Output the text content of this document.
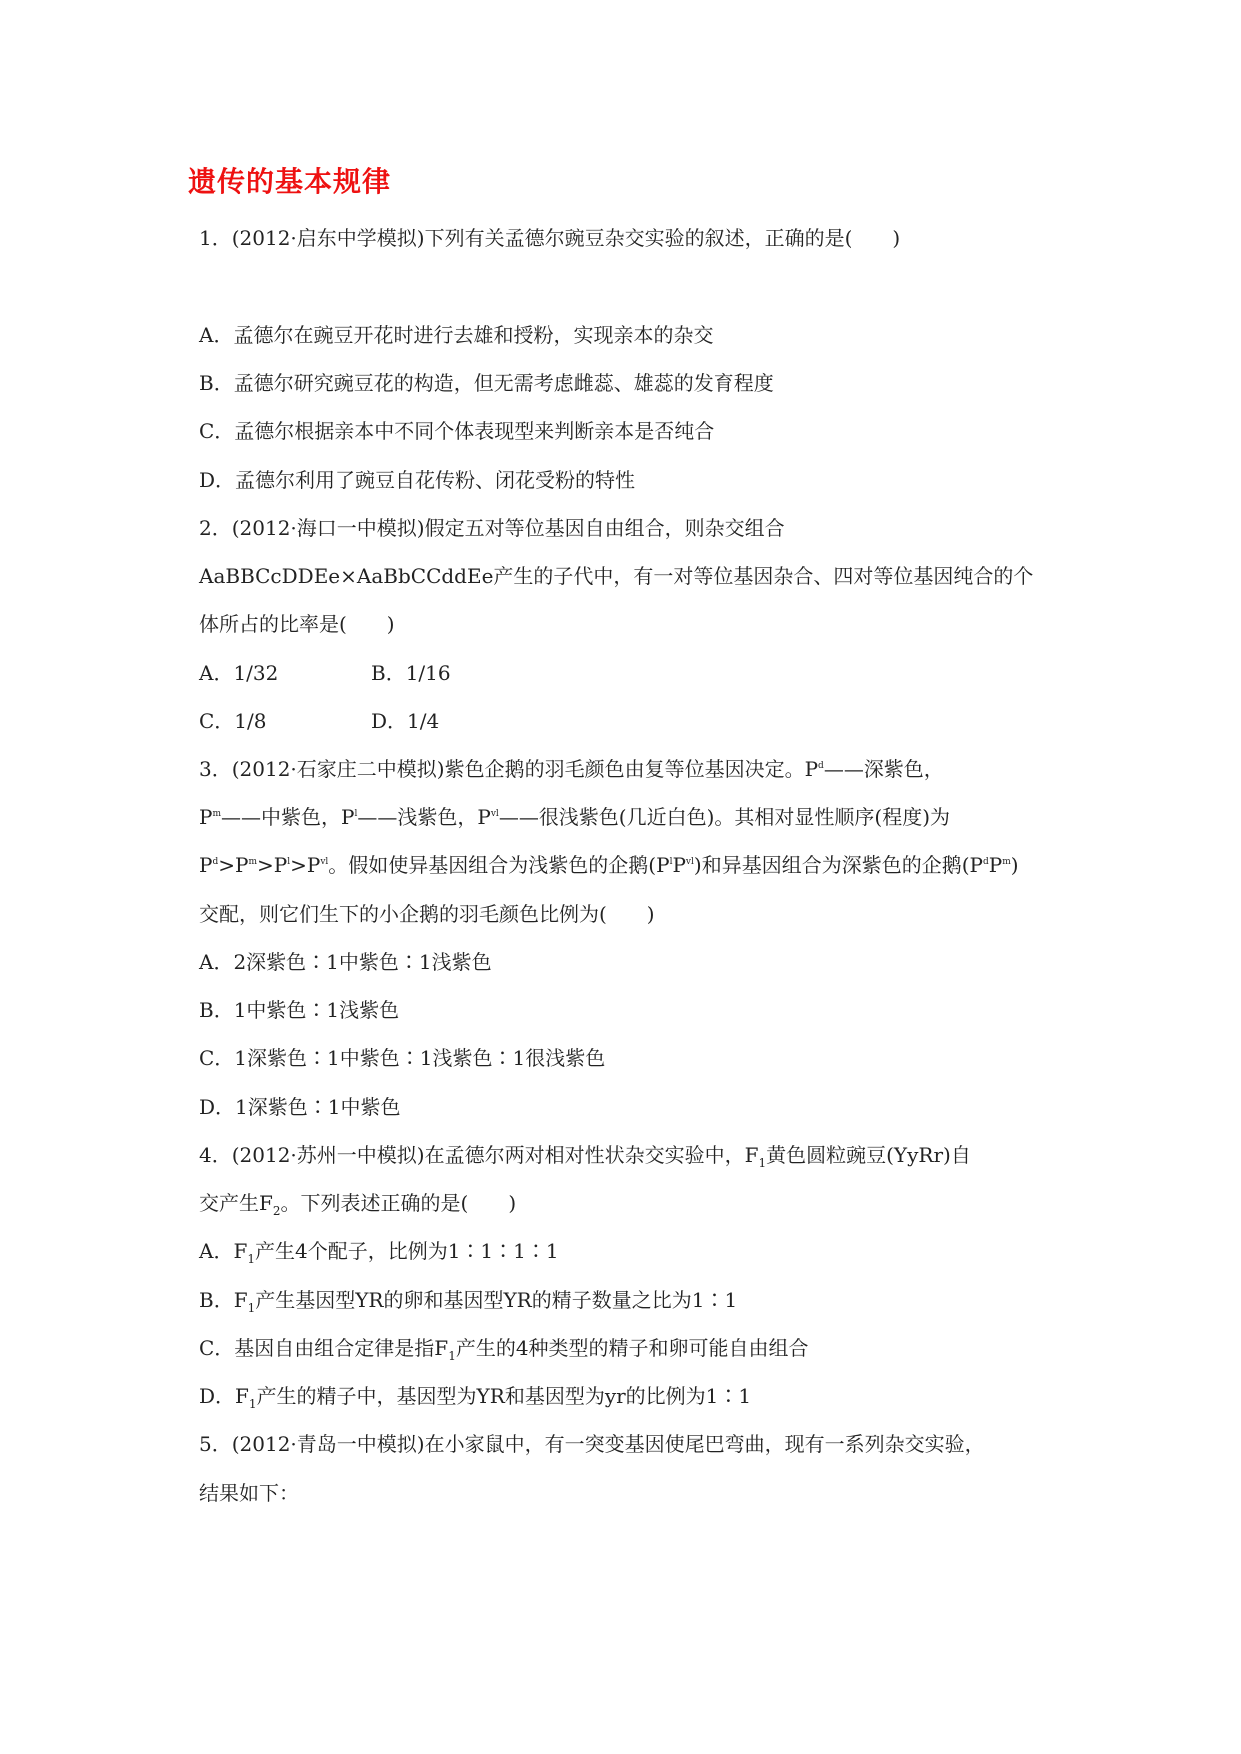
遗传的基本规律
1．(2012·启东中学模拟)下列有关孟德尔豌豆杂交实验的叙述，正确的是(　　)
A．孟德尔在豌豆开花时进行去雄和授粉，实现亲本的杂交
B．孟德尔研究豌豆花的构造，但无需考虑雌蕊、雄蕊的发育程度
C．孟德尔根据亲本中不同个体表现型来判断亲本是否纯合
D．孟德尔利用了豌豆自花传粉、闭花受粉的特性
2．(2012·海口一中模拟)假定五对等位基因自由组合，则杂交组合
AaBBCcDDEe×AaBbCCddEe产生的子代中，有一对等位基因杂合、四对等位基因纯合的个
体所占的比率是(　　)
A．1/32	B．1/16
C．1/8	D．1/4
3．(2012·石家庄二中模拟)紫色企鹅的羽毛颜色由复等位基因决定。$P^d——$深紫色，
$P^m——$中紫色，$P^l——$浅紫色，$P^{vl}——$很浅紫色(几近白色)。其相对显性顺序(程度)为
$P^d>P^m>P^l>P^{vl}$。假如使异基因组合为浅紫色的企鹅$(P^lP^{vl})$和异基因组合为深紫色的企鹅$(P^dP^m)$
交配，则它们生下的小企鹅的羽毛颜色比例为(　　)
A．2深紫色∶1中紫色∶1浅紫色
B．1中紫色∶1浅紫色
C．1深紫色∶1中紫色∶1浅紫色∶1很浅紫色
D．1深紫色∶1中紫色
4．(2012·苏州一中模拟)在孟德尔两对相对性状杂交实验中，$F_1$黄色圆粒豌豆(YyRr)自
交产生$F_2$。下列表述正确的是(　　)
A．$F_1$产生4个配子，比例为1∶1∶1∶1
B．$F_1$产生基因型YR的卵和基因型YR的精子数量之比为1∶1
C．基因自由组合定律是指$F_1$产生的4种类型的精子和卵可能自由组合
D．$F_1$产生的精子中，基因型为YR和基因型为yr的比例为1∶1
5．(2012·青岛一中模拟)在小家鼠中，有一突变基因使尾巴弯曲，现有一系列杂交实验，
结果如下：
